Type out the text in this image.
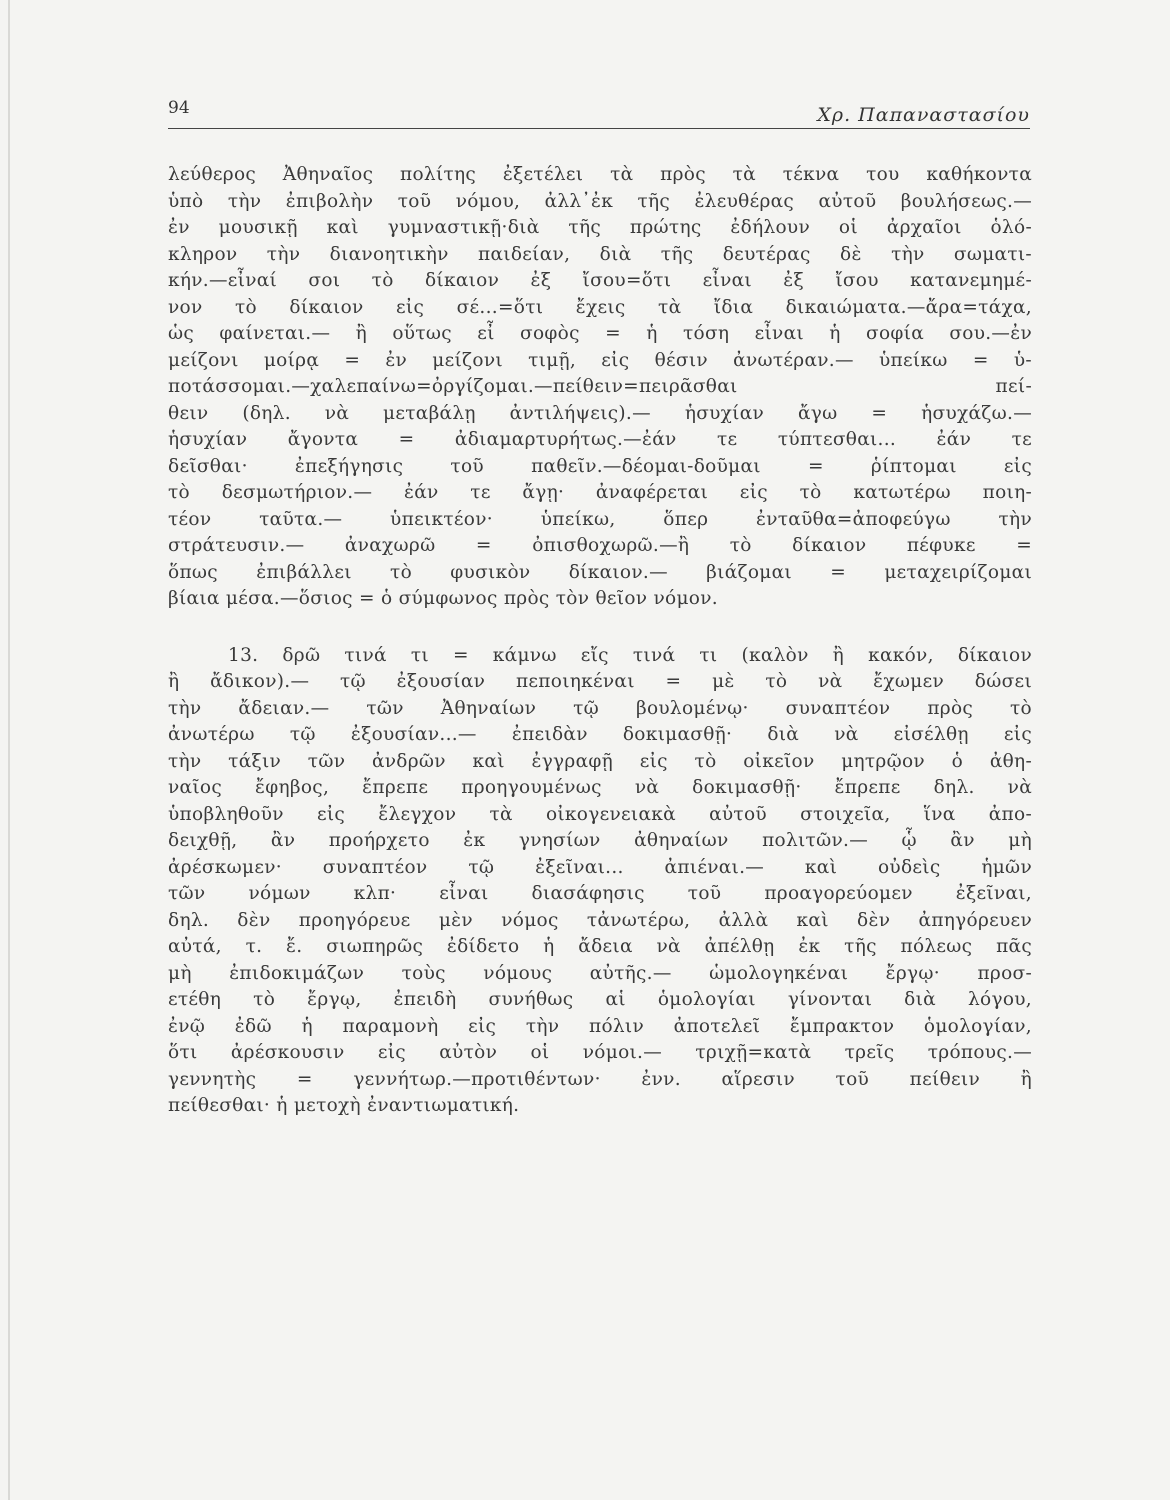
94	Χρ. Παπαναστασίου
λεύθερος Ἀθηναῖος πολίτης ἐξετέλει τὰ πρὸς τὰ τέκνα του καθήκοντα
ὑπὸ τὴν ἐπιβολὴν τοῦ νόμου, ἀλλ᾽ἐκ τῆς ἐλευθέρας αὐτοῦ βουλήσεως.—
ἐν μουσικῇ καὶ γυμναστικῇ·διὰ τῆς πρώτης ἐδήλουν οἱ ἀρχαῖοι ὁλό-
κληρον τὴν διανοητικὴν παιδείαν, διὰ τῆς δευτέρας δὲ τὴν σωματι-
κήν.—εἶναί σοι τὸ δίκαιον ἐξ ἴσου=ὅτι εἶναι ἐξ ἴσου κατανεμημέ-
νον τὸ δίκαιον εἰς σέ...=ὅτι ἔχεις τὰ ἴδια δικαιώματα.—ἄρα=τάχα,
ὡς φαίνεται.— ἢ οὕτως εἶ σοφὸς = ἡ τόση εἶναι ἡ σοφία σου.—ἐν
μείζονι μοίρᾳ = ἐν μείζονι τιμῇ, εἰς θέσιν ἀνωτέραν.— ὑπείκω = ὑ-
ποτάσσομαι.—χαλεπαίνω=ὀργίζομαι.—πείθειν=πειρᾶσθαι πεί-
θειν (δηλ. νὰ μεταβάλῃ ἀντιλήψεις).— ἡσυχίαν ἄγω = ἡσυχάζω.—
ἡσυχίαν ἄγοντα = ἀδιαμαρτυρήτως.—ἐάν τε τύπτεσθαι... ἐάν τε
δεῖσθαι· ἐπεξήγησις τοῦ παθεῖν.—δέομαι-δοῦμαι = ῥίπτομαι εἰς
τὸ δεσμωτήριον.— ἐάν τε ἄγῃ· ἀναφέρεται εἰς τὸ κατωτέρω ποιη-
τέον ταῦτα.— ὑπεικτέον· ὑπείκω, ὅπερ ἐνταῦθα=ἀποφεύγω τὴν
στράτευσιν.— ἀναχωρῶ = ὀπισθοχωρῶ.—ἢ τὸ δίκαιον πέφυκε =
ὅπως ἐπιβάλλει τὸ φυσικὸν δίκαιον.— βιάζομαι = μεταχειρίζομαι
βίαια μέσα.—ὅσιος = ὁ σύμφωνος πρὸς τὸν θεῖον νόμον.
13. δρῶ τινά τι = κάμνω εἴς τινά τι (καλὸν ἢ κακόν, δίκαιον
ἢ ἄδικον).— τῷ ἐξουσίαν πεποιηκέναι = μὲ τὸ νὰ ἔχωμεν δώσει
τὴν ἄδειαν.— τῶν Ἀθηναίων τῷ βουλομένῳ· συναπτέον πρὸς τὸ
ἀνωτέρω τῷ ἐξουσίαν...— ἐπειδὰν δοκιμασθῇ· διὰ νὰ εἰσέλθῃ εἰς
τὴν τάξιν τῶν ἀνδρῶν καὶ ἐγγραφῇ εἰς τὸ οἰκεῖον μητρῷον ὁ ἀθη-
ναῖος ἔφηβος, ἔπρεπε προηγουμένως νὰ δοκιμασθῇ· ἔπρεπε δηλ. νὰ
ὑποβληθοῦν εἰς ἔλεγχον τὰ οἰκογενειακὰ αὐτοῦ στοιχεῖα, ἵνα ἀπο-
δειχθῇ, ἂν προήρχετο ἐκ γνησίων ἀθηναίων πολιτῶν.— ᾧ ἂν μὴ
ἀρέσκωμεν· συναπτέον τῷ ἐξεῖναι... ἀπιέναι.— καὶ οὐδεὶς ἡμῶν
τῶν νόμων κλπ· εἶναι διασάφησις τοῦ προαγορεύομεν ἐξεῖναι,
δηλ. δὲν προηγόρευε μὲν νόμος τἀνωτέρω, ἀλλὰ καὶ δὲν ἀπηγόρευεν
αὐτά, τ. ἔ. σιωπηρῶς ἐδίδετο ἡ ἄδεια νὰ ἀπέλθῃ ἐκ τῆς πόλεως πᾶς
μὴ ἐπιδοκιμάζων τοὺς νόμους αὐτῆς.— ὡμολογηκέναι ἔργῳ· προσ-
ετέθη τὸ ἔργῳ, ἐπειδὴ συνήθως αἱ ὁμολογίαι γίνονται διὰ λόγου,
ἐνῷ ἐδῶ ἡ παραμονὴ εἰς τὴν πόλιν ἀποτελεῖ ἔμπρακτον ὁμολογίαν,
ὅτι ἀρέσκουσιν εἰς αὐτὸν οἱ νόμοι.— τριχῇ=κατὰ τρεῖς τρόπους.—
γεννητὴς = γεννήτωρ.—προτιθέντων· ἐνν. αἵρεσιν τοῦ πείθειν ἢ
πείθεσθαι· ἡ μετοχὴ ἐναντιωματική.
